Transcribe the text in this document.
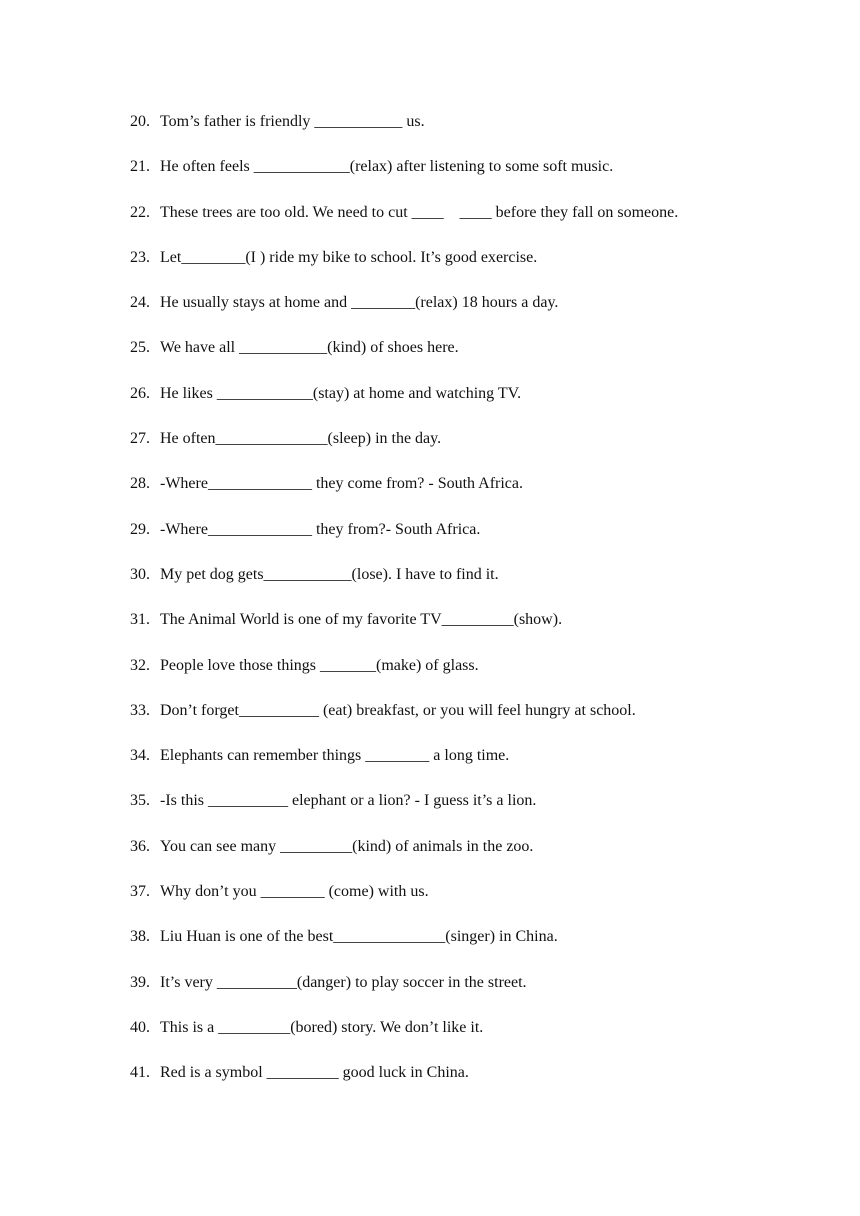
20. Tom’s father is friendly ___________ us.
21. He often feels ____________(relax) after listening to some soft music.
22. These trees are too old. We need to cut ____    ____ before they fall on someone.
23. Let________(I ) ride my bike to school. It’s good exercise.
24. He usually stays at home and ________(relax) 18 hours a day.
25. We have all ___________(kind) of shoes here.
26. He likes ____________(stay) at home and watching TV.
27. He often______________(sleep) in the day.
28. -Where_____________ they come from? - South Africa.
29. -Where_____________ they from?- South Africa.
30. My pet dog gets___________(lose). I have to find it.
31. The Animal World is one of my favorite TV_________(show).
32. People love those things _______(make) of glass.
33. Don’t forget__________ (eat) breakfast, or you will feel hungry at school.
34. Elephants can remember things ________ a long time.
35. -Is this __________ elephant or a lion? - I guess it’s a lion.
36. You can see many _________(kind) of animals in the zoo.
37. Why don’t you ________ (come) with us.
38. Liu Huan is one of the best______________(singer) in China.
39. It’s very __________(danger) to play soccer in the street.
40. This is a _________(bored) story. We don’t like it.
41. Red is a symbol _________ good luck in China.
